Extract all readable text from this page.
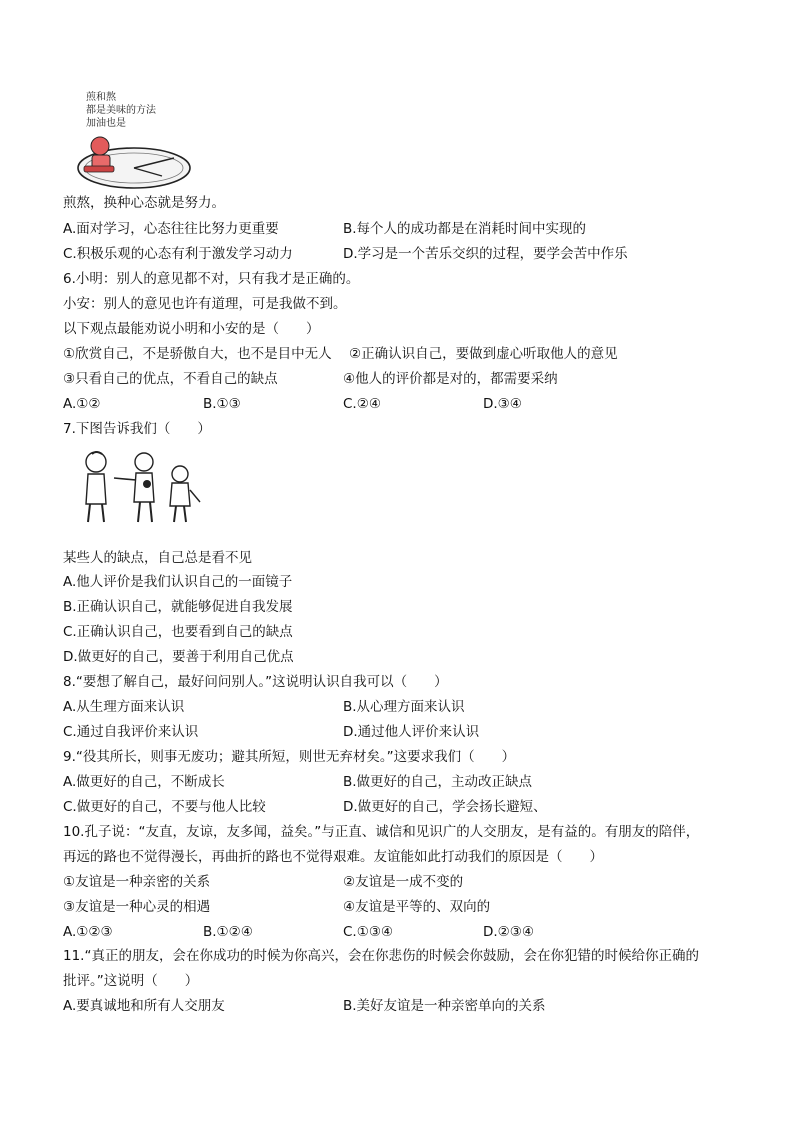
煎和熬
都是美味的方法
加油也是
煎熬，换种心态就是努力。
A.面对学习，心态往往比努力更重要	B.每个人的成功都是在消耗时间中实现的
C.积极乐观的心态有利于激发学习动力	D.学习是一个苦乐交织的过程，要学会苦中作乐
6.小明：别人的意见都不对，只有我才是正确的。
小安：别人的意见也许有道理，可是我做不到。
以下观点最能劝说小明和小安的是（　　）
①欣赏自己，不是骄傲自大，也不是目中无人 ②正确认识自己，要做到虚心听取他人的意见
③只看自己的优点，不看自己的缺点	④他人的评价都是对的，都需要采纳
A.①②	B.①③	C.②④	D.③④
7.下图告诉我们（　　）
某些人的缺点，自己总是看不见
A.他人评价是我们认识自己的一面镜子
B.正确认识自己，就能够促进自我发展
C.正确认识自己，也要看到自己的缺点
D.做更好的自己，要善于利用自己优点
8.“要想了解自己，最好问问别人。”这说明认识自我可以（　　）
A.从生理方面来认识	B.从心理方面来认识
C.通过自我评价来认识	D.通过他人评价来认识
9.“役其所长，则事无废功；避其所短，则世无弃材矣。”这要求我们（　　）
A.做更好的自己，不断成长	B.做更好的自己，主动改正缺点
C.做更好的自己，不要与他人比较	D.做更好的自己，学会扬长避短、
10.孔子说：“友直，友谅，友多闻，益矣。”与正直、诚信和见识广的人交朋友，是有益的。有朋友的陪伴，
再远的路也不觉得漫长，再曲折的路也不觉得艰难。友谊能如此打动我们的原因是（　　）
①友谊是一种亲密的关系	②友谊是一成不变的
③友谊是一种心灵的相遇	④友谊是平等的、双向的
A.①②③	B.①②④	C.①③④	D.②③④
11.“真正的朋友，会在你成功的时候为你高兴，会在你悲伤的时候会你鼓励，会在你犯错的时候给你正确的
批评。”这说明（　　）
A.要真诚地和所有人交朋友	B.美好友谊是一种亲密单向的关系
